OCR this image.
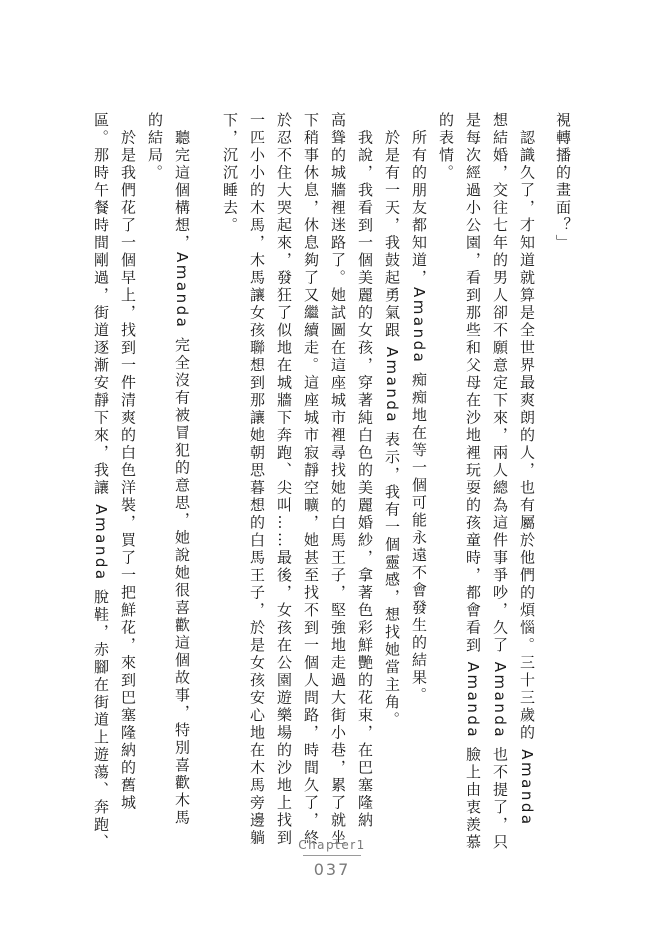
視轉播的畫面？」
　認識久了，才知道就算是全世界最爽朗的人，也有屬於他們的煩惱。三十三歲的 Amanda
想結婚，交往七年的男人卻不願意定下來，兩人總為這件事爭吵，久了 Amanda 也不提了，只
是每次經過小公園，看到那些和父母在沙地裡玩耍的孩童時，都會看到 Amanda 臉上由衷羨慕
的表情。
　所有的朋友都知道，Amanda 痴痴地在等一個可能永遠不會發生的結果。
　於是有一天，我鼓起勇氣跟 Amanda 表示，我有一個靈感，想找她當主角。
　我說，我看到一個美麗的女孩，穿著純白色的美麗婚紗，拿著色彩鮮艷的花束，在巴塞隆納
高聳的城牆裡迷路了。她試圖在這座城市裡尋找她的白馬王子，堅強地走過大街小巷，累了就坐
下稍事休息，休息夠了又繼續走。這座城市寂靜空曠，她甚至找不到一個人問路，時間久了，終
於忍不住大哭起來，發狂了似地在城牆下奔跑、尖叫……最後，女孩在公園遊樂場的沙地上找到
一匹小小的木馬，木馬讓女孩聯想到那讓她朝思暮想的白馬王子，於是女孩安心地在木馬旁邊躺
下，沉沉睡去。
　聽完這個構想，Amanda 完全沒有被冒犯的意思，她說她很喜歡這個故事，特別喜歡木馬
的結局。
　於是我們花了一個早上，找到一件清爽的白色洋裝，買了一把鮮花，來到巴塞隆納的舊城
區。那時午餐時間剛過，街道逐漸安靜下來，我讓 Amanda 脫鞋，赤腳在街道上遊蕩、奔跑、	Chapter1
037
